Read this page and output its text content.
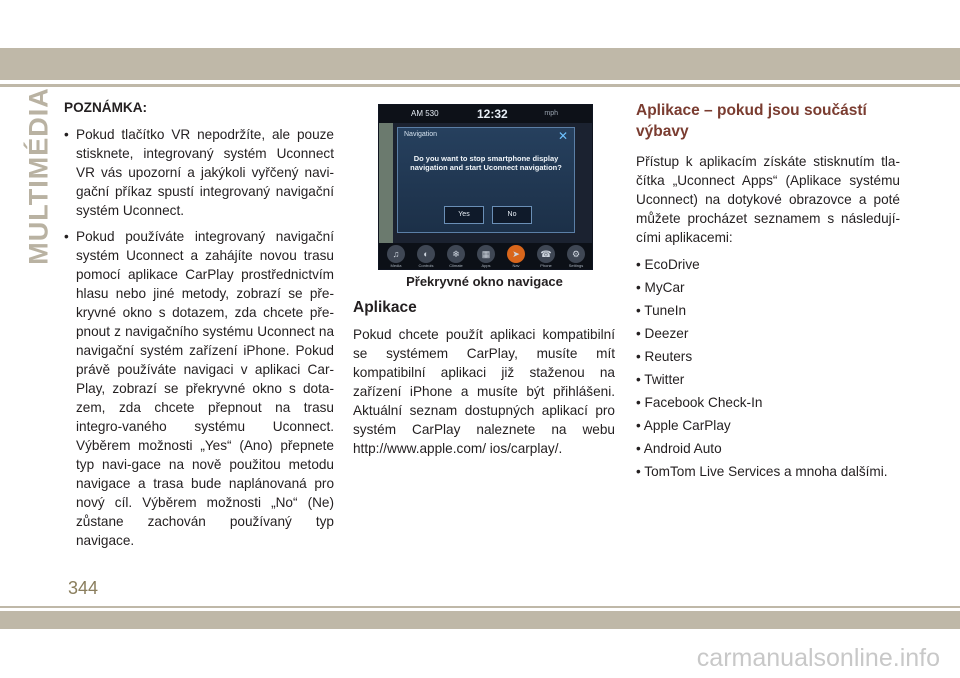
MULTIMÉDIA POZNÁMKA:
• Pokud tlačítko VR nepodržíte, ale pouze stisknete, integrovaný systém Uconnect VR vás upozorní a jakýkoli vyřčený navi-gační příkaz spustí integrovaný navigační systém Uconnect.
• Pokud používáte integrovaný navigační systém Uconnect a zahájíte novou trasu pomocí aplikace CarPlay prostřednictvím hlasu nebo jiné metody, zobrazí se pře-kryvné okno s dotazem, zda chcete pře-pnout z navigačního systému Uconnect na navigační systém zařízení iPhone. Pokud právě používáte navigaci v aplikaci Car-Play, zobrazí se překryvné okno s dota-zem, zda chcete přepnout na trasu integro-vaného systému Uconnect. Výběrem možnosti „Yes“ (Ano) přepnete typ navi-gace na nově použitou metodu navigace a trasa bude naplánovaná pro nový cíl. Výběrem možnosti „No“ (Ne) zůstane zachován používaný typ navigace.
AM 530	12:32	mph
Navigation	✕
Do you want to stop smartphone display navigation and start Uconnect navigation?
Yes	No
♫
Media
◐
Controls
❄
Climate
▦
Apps
➤
Nav
☎
Phone
⚙
Settings
Překryvné okno navigace
Aplikace

Pokud chcete použít aplikaci kompatibilní se systémem CarPlay, musíte mít kompatibilní aplikaci již staženou na zařízení iPhone a musíte být přihlášeni. Aktuální seznam dostupných aplikací pro systém CarPlay naleznete na webu http://www.apple.com/ ios/carplay/.

Aplikace – pokud jsou součástí výbavy

Přístup k aplikacím získáte stisknutím tla-čítka „Uconnect Apps“ (Aplikace systému Uconnect) na dotykové obrazovce a poté můžete procházet seznamem s následují-cími aplikacemi:

• EcoDrive
• MyCar
• TuneIn
• Deezer
• Reuters
• Twitter
• Facebook Check-In
• Apple CarPlay
• Android Auto
• TomTom Live Services a mnoha dalšími.
344
carmanualsonline.info
